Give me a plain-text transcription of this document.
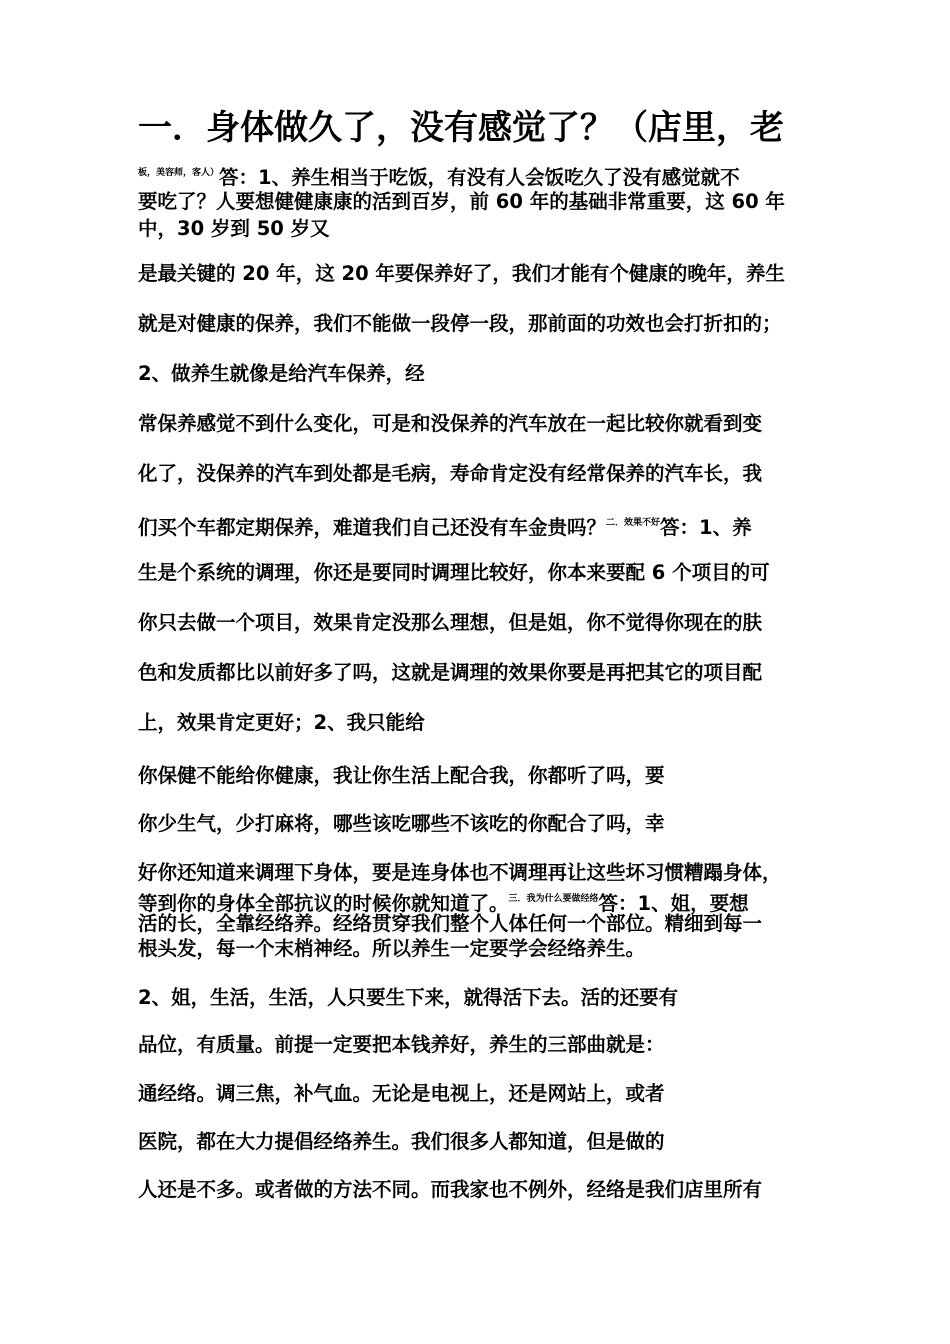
一．身体做久了，没有感觉了？（店里，老

$^{板,美容师,客人)}$答：1、养生相当于吃饭，有没有人会饭吃久了没有感觉就不

要吃了？人要想健健康康的活到百岁，前 60 年的基础非常重要，这 60 年

中，30 岁到 50 岁又

是最关键的 20 年，这 20 年要保养好了，我们才能有个健康的晚年，养生

就是对健康的保养，我们不能做一段停一段，那前面的功效也会打折扣的；

2、做养生就像是给汽车保养，经

常保养感觉不到什么变化，可是和没保养的汽车放在一起比较你就看到变

化了，没保养的汽车到处都是毛病，寿命肯定没有经常保养的汽车长，我

们买个车都定期保养，难道我们自己还没有车金贵吗？$^{二.效果不好}$答：1、养

生是个系统的调理，你还是要同时调理比较好，你本来要配 6 个项目的可

你只去做一个项目，效果肯定没那么理想，但是姐，你不觉得你现在的肤

色和发质都比以前好多了吗，这就是调理的效果你要是再把其它的项目配

上，效果肯定更好；2、我只能给

你保健不能给你健康，我让你生活上配合我，你都听了吗，要

你少生气，少打麻将，哪些该吃哪些不该吃的你配合了吗，幸

好你还知道来调理下身体，要是连身体也不调理再让这些坏习惯糟蹋身体，

等到你的身体全部抗议的时候你就知道了。$^{三.我为什么要做经络}$答：1、姐，要想

活的长，全靠经络养。经络贯穿我们整个人体任何一个部位。精细到每一

根头发，每一个末梢神经。所以养生一定要学会经络养生。

2、姐，生活，生活，人只要生下来，就得活下去。活的还要有

品位，有质量。前提一定要把本钱养好，养生的三部曲就是：

通经络。调三焦，补气血。无论是电视上，还是网站上，或者

医院，都在大力提倡经络养生。我们很多人都知道，但是做的

人还是不多。或者做的方法不同。而我家也不例外，经络是我们店里所有
